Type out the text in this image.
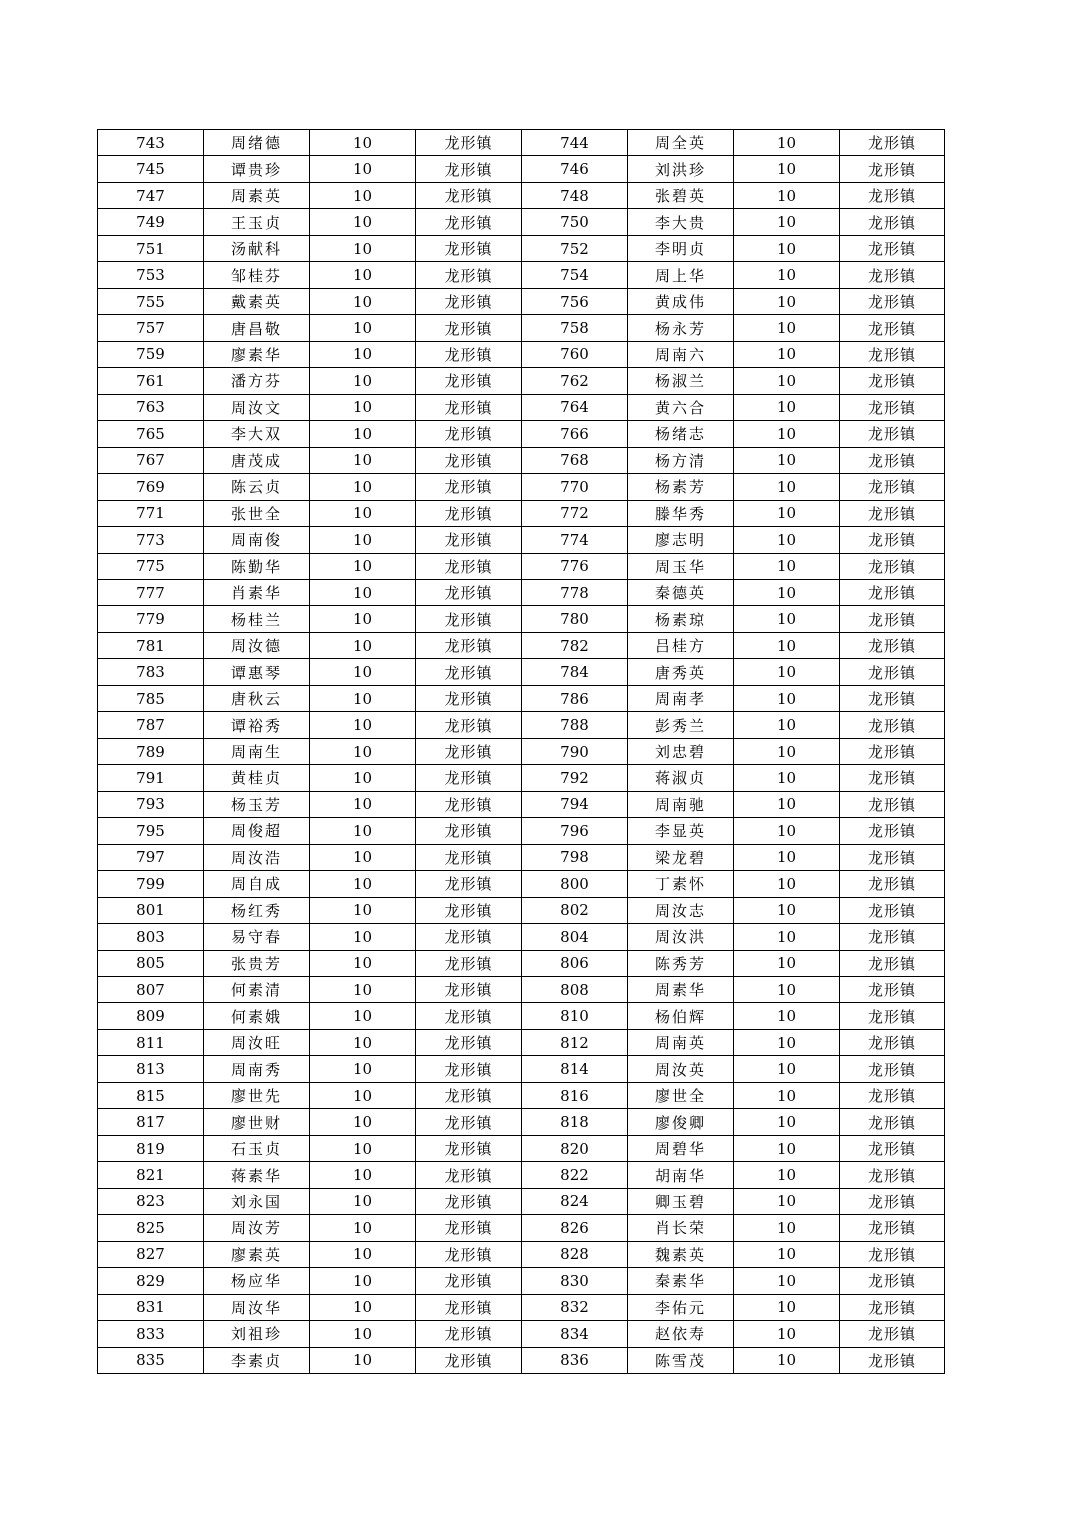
743	周绪德	10	龙形镇	744	周全英	10	龙形镇
745	谭贵珍	10	龙形镇	746	刘洪珍	10	龙形镇
747	周素英	10	龙形镇	748	张碧英	10	龙形镇
749	王玉贞	10	龙形镇	750	李大贵	10	龙形镇
751	汤献科	10	龙形镇	752	李明贞	10	龙形镇
753	邹桂芬	10	龙形镇	754	周上华	10	龙形镇
755	戴素英	10	龙形镇	756	黄成伟	10	龙形镇
757	唐昌敬	10	龙形镇	758	杨永芳	10	龙形镇
759	廖素华	10	龙形镇	760	周南六	10	龙形镇
761	潘方芬	10	龙形镇	762	杨淑兰	10	龙形镇
763	周汝文	10	龙形镇	764	黄六合	10	龙形镇
765	李大双	10	龙形镇	766	杨绪志	10	龙形镇
767	唐茂成	10	龙形镇	768	杨方清	10	龙形镇
769	陈云贞	10	龙形镇	770	杨素芳	10	龙形镇
771	张世全	10	龙形镇	772	滕华秀	10	龙形镇
773	周南俊	10	龙形镇	774	廖志明	10	龙形镇
775	陈勤华	10	龙形镇	776	周玉华	10	龙形镇
777	肖素华	10	龙形镇	778	秦德英	10	龙形镇
779	杨桂兰	10	龙形镇	780	杨素琼	10	龙形镇
781	周汝德	10	龙形镇	782	吕桂方	10	龙形镇
783	谭惠琴	10	龙形镇	784	唐秀英	10	龙形镇
785	唐秋云	10	龙形镇	786	周南孝	10	龙形镇
787	谭裕秀	10	龙形镇	788	彭秀兰	10	龙形镇
789	周南生	10	龙形镇	790	刘忠碧	10	龙形镇
791	黄桂贞	10	龙形镇	792	蒋淑贞	10	龙形镇
793	杨玉芳	10	龙形镇	794	周南驰	10	龙形镇
795	周俊超	10	龙形镇	796	李显英	10	龙形镇
797	周汝浩	10	龙形镇	798	梁龙碧	10	龙形镇
799	周自成	10	龙形镇	800	丁素怀	10	龙形镇
801	杨红秀	10	龙形镇	802	周汝志	10	龙形镇
803	易守春	10	龙形镇	804	周汝洪	10	龙形镇
805	张贵芳	10	龙形镇	806	陈秀芳	10	龙形镇
807	何素清	10	龙形镇	808	周素华	10	龙形镇
809	何素娥	10	龙形镇	810	杨伯辉	10	龙形镇
811	周汝旺	10	龙形镇	812	周南英	10	龙形镇
813	周南秀	10	龙形镇	814	周汝英	10	龙形镇
815	廖世先	10	龙形镇	816	廖世全	10	龙形镇
817	廖世财	10	龙形镇	818	廖俊卿	10	龙形镇
819	石玉贞	10	龙形镇	820	周碧华	10	龙形镇
821	蒋素华	10	龙形镇	822	胡南华	10	龙形镇
823	刘永国	10	龙形镇	824	卿玉碧	10	龙形镇
825	周汝芳	10	龙形镇	826	肖长荣	10	龙形镇
827	廖素英	10	龙形镇	828	魏素英	10	龙形镇
829	杨应华	10	龙形镇	830	秦素华	10	龙形镇
831	周汝华	10	龙形镇	832	李佑元	10	龙形镇
833	刘祖珍	10	龙形镇	834	赵依寿	10	龙形镇
835	李素贞	10	龙形镇	836	陈雪茂	10	龙形镇
